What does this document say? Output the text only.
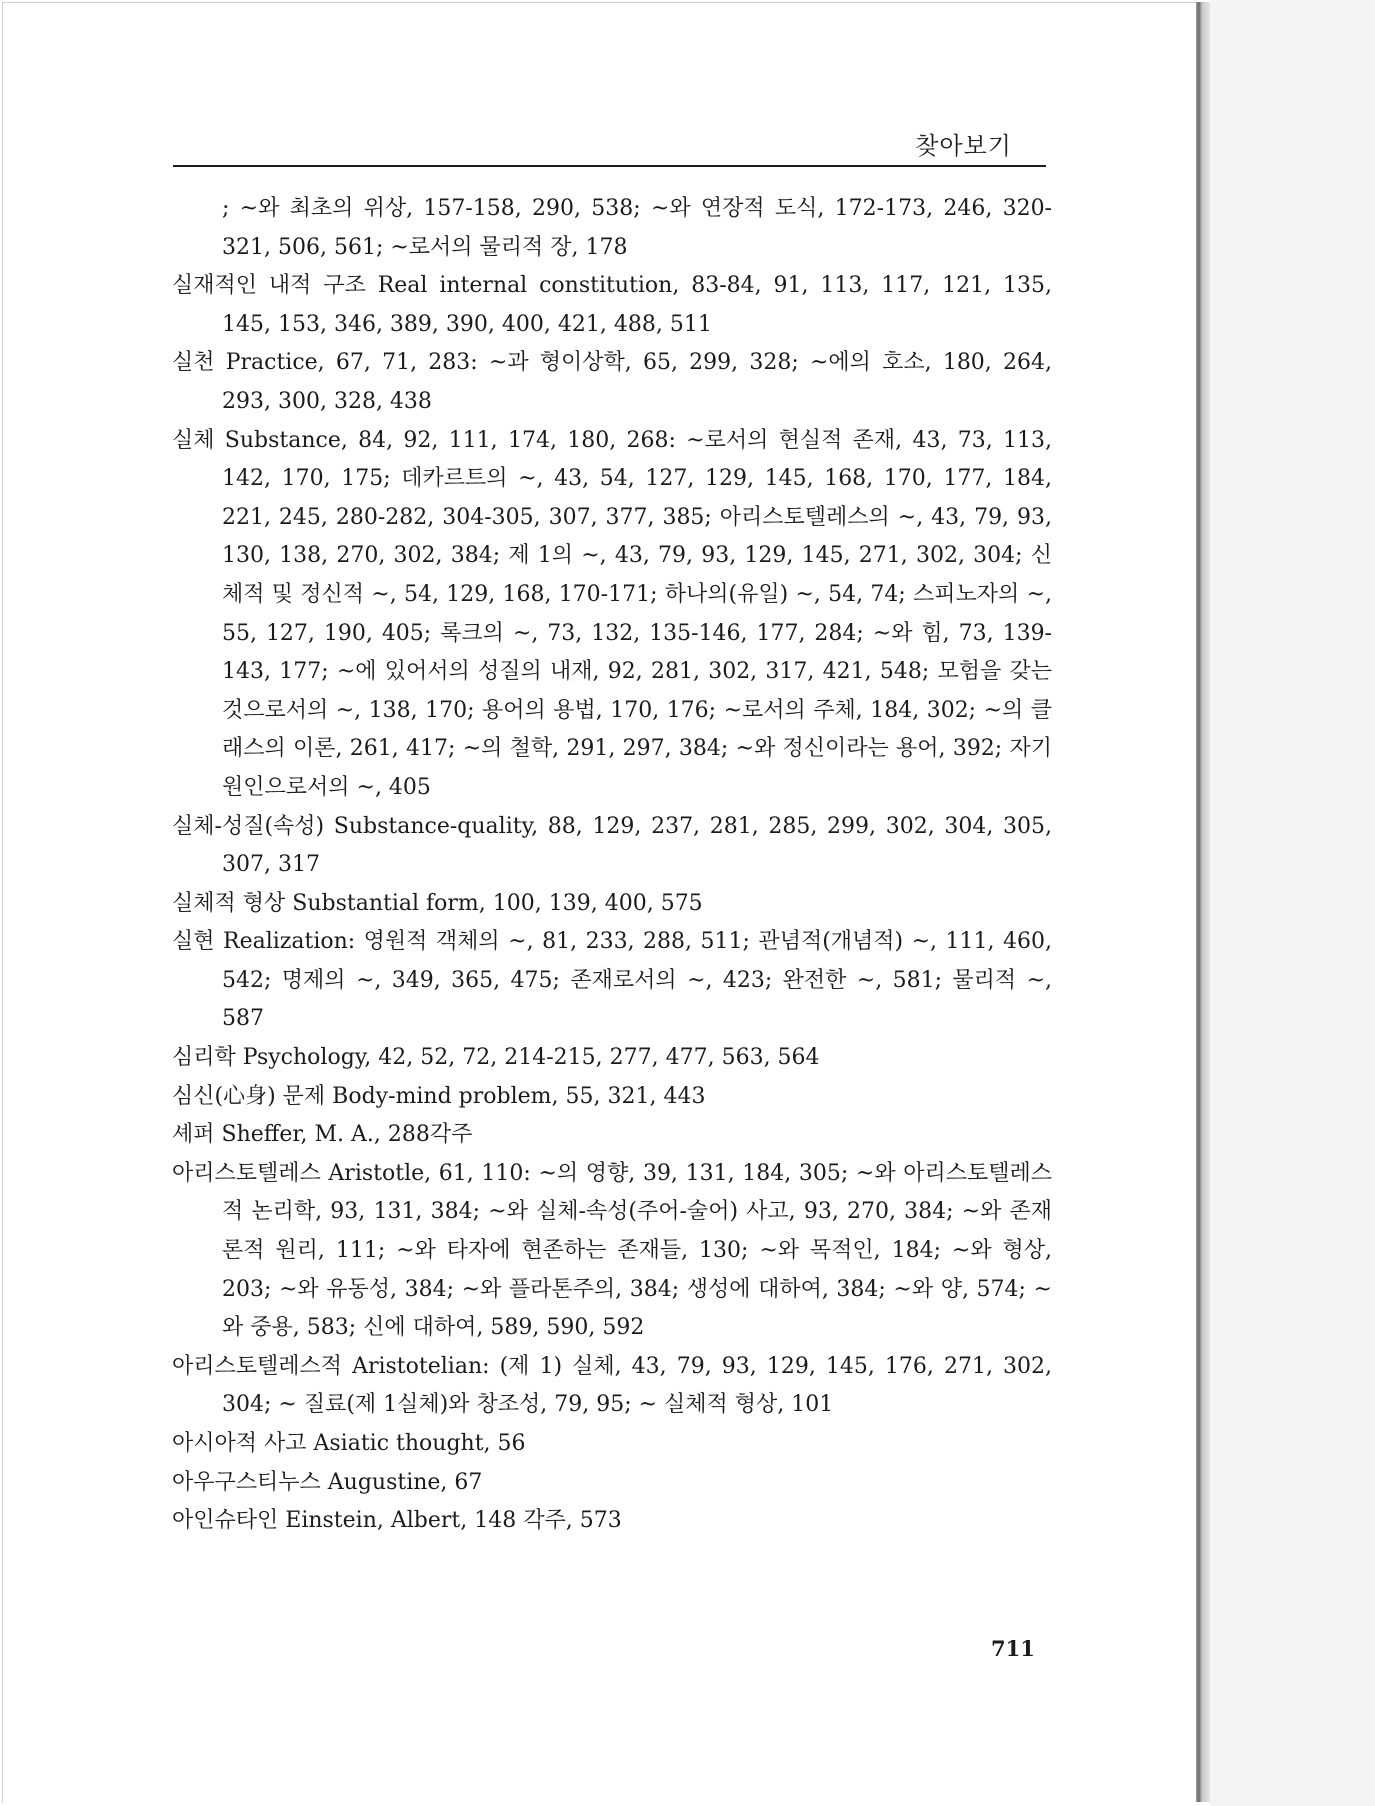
찾아보기
; ~와 최초의 위상, 157-158, 290, 538; ~와 연장적 도식, 172-173, 246, 320-321, 506, 561; ~로서의 물리적 장, 178
실재적인 내적 구조 Real internal constitution, 83-84, 91, 113, 117, 121, 135, 145, 153, 346, 389, 390, 400, 421, 488, 511
실천 Practice, 67, 71, 283: ~과 형이상학, 65, 299, 328; ~에의 호소, 180, 264, 293, 300, 328, 438
실체 Substance, 84, 92, 111, 174, 180, 268: ~로서의 현실적 존재, 43, 73, 113, 142, 170, 175; 데카르트의 ~, 43, 54, 127, 129, 145, 168, 170, 177, 184, 221, 245, 280-282, 304-305, 307, 377, 385; 아리스토텔레스의 ~, 43, 79, 93, 130, 138, 270, 302, 384; 제 1의 ~, 43, 79, 93, 129, 145, 271, 302, 304; 신체적 및 정신적 ~, 54, 129, 168, 170-171; 하나의(유일) ~, 54, 74; 스피노자의 ~, 55, 127, 190, 405; 록크의 ~, 73, 132, 135-146, 177, 284; ~와 힘, 73, 139-143, 177; ~에 있어서의 성질의 내재, 92, 281, 302, 317, 421, 548; 모험을 갖는 것으로서의 ~, 138, 170; 용어의 용법, 170, 176; ~로서의 주체, 184, 302; ~의 클래스의 이론, 261, 417; ~의 철학, 291, 297, 384; ~와 정신이라는 용어, 392; 자기원인으로서의 ~, 405
실체-성질(속성) Substance-quality, 88, 129, 237, 281, 285, 299, 302, 304, 305, 307, 317
실체적 형상 Substantial form, 100, 139, 400, 575
실현 Realization: 영원적 객체의 ~, 81, 233, 288, 511; 관념적(개념적) ~, 111, 460, 542; 명제의 ~, 349, 365, 475; 존재로서의 ~, 423; 완전한 ~, 581; 물리적 ~, 587
심리학 Psychology, 42, 52, 72, 214-215, 277, 477, 563, 564
심신(心身) 문제 Body-mind problem, 55, 321, 443
셰퍼 Sheffer, M. A., 288각주
아리스토텔레스 Aristotle, 61, 110: ~의 영향, 39, 131, 184, 305; ~와 아리스토텔레스적 논리학, 93, 131, 384; ~와 실체-속성(주어-술어) 사고, 93, 270, 384; ~와 존재론적 원리, 111; ~와 타자에 현존하는 존재들, 130; ~와 목적인, 184; ~와 형상, 203; ~와 유동성, 384; ~와 플라톤주의, 384; 생성에 대하여, 384; ~와 양, 574; ~와 중용, 583; 신에 대하여, 589, 590, 592
아리스토텔레스적 Aristotelian: (제 1) 실체, 43, 79, 93, 129, 145, 176, 271, 302, 304; ~ 질료(제 1실체)와 창조성, 79, 95; ~ 실체적 형상, 101
아시아적 사고 Asiatic thought, 56
아우구스티누스 Augustine, 67
아인슈타인 Einstein, Albert, 148 각주, 573
711
